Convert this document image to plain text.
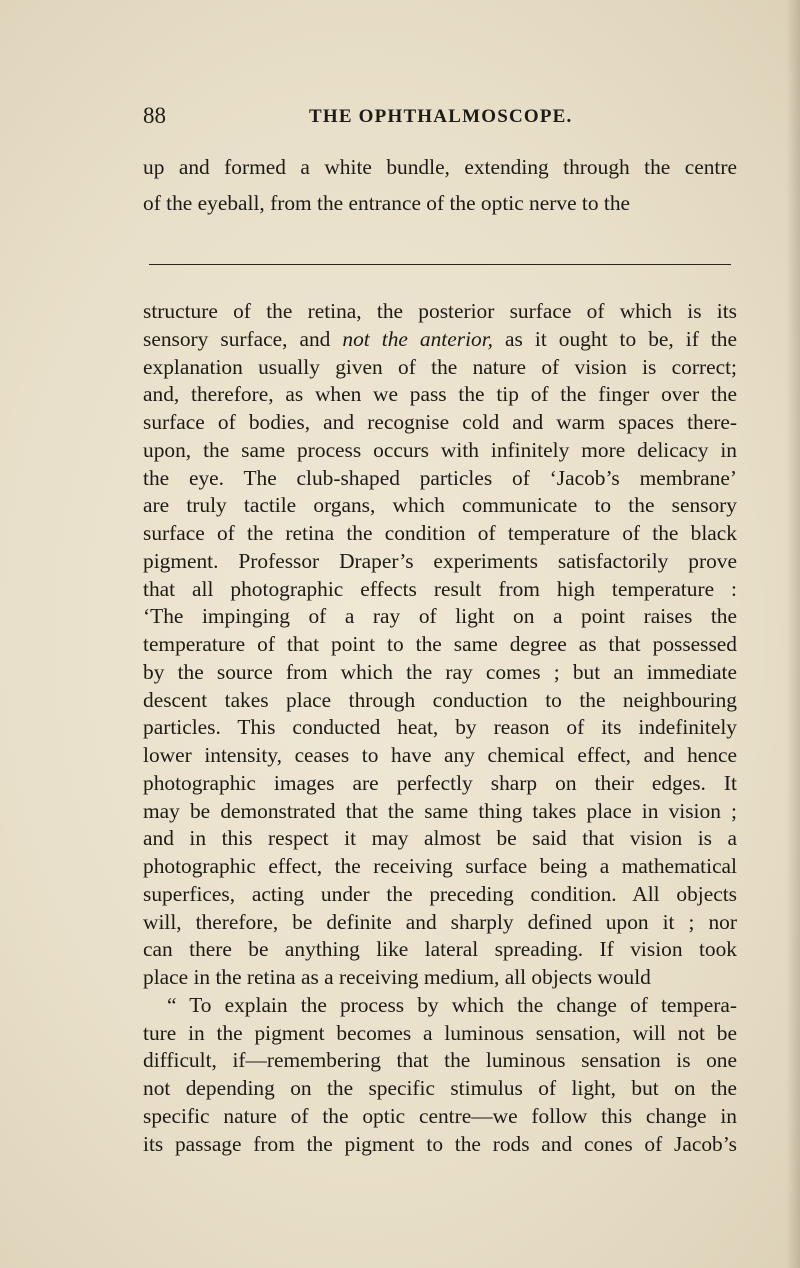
88	THE OPHTHALMOSCOPE.
up and formed a white bundle, extending through the centre
of the eyeball, from the entrance of the optic nerve to the
structure of the retina, the posterior surface of which is its
sensory surface, and not the anterior, as it ought to be, if the
explanation usually given of the nature of vision is correct;
and, therefore, as when we pass the tip of the finger over the
surface of bodies, and recognise cold and warm spaces there-
upon, the same process occurs with infinitely more delicacy in
the eye. The club-shaped particles of ‘Jacob’s membrane’
are truly tactile organs, which communicate to the sensory
surface of the retina the condition of temperature of the black
pigment. Professor Draper’s experiments satisfactorily prove
that all photographic effects result from high temperature :
‘The impinging of a ray of light on a point raises the
temperature of that point to the same degree as that possessed
by the source from which the ray comes ; but an immediate
descent takes place through conduction to the neighbouring
particles. This conducted heat, by reason of its indefinitely
lower intensity, ceases to have any chemical effect, and hence
photographic images are perfectly sharp on their edges. It
may be demonstrated that the same thing takes place in vision ;
and in this respect it may almost be said that vision is a
photographic effect, the receiving surface being a mathematical
superfices, acting under the preceding condition. All objects
will, therefore, be definite and sharply defined upon it ; nor
can there be anything like lateral spreading. If vision took
place in the retina as a receiving medium, all objects would
“ To explain the process by which the change of tempera-
ture in the pigment becomes a luminous sensation, will not be
difficult, if—remembering that the luminous sensation is one
not depending on the specific stimulus of light, but on the
specific nature of the optic centre—we follow this change in
its passage from the pigment to the rods and cones of Jacob’s
